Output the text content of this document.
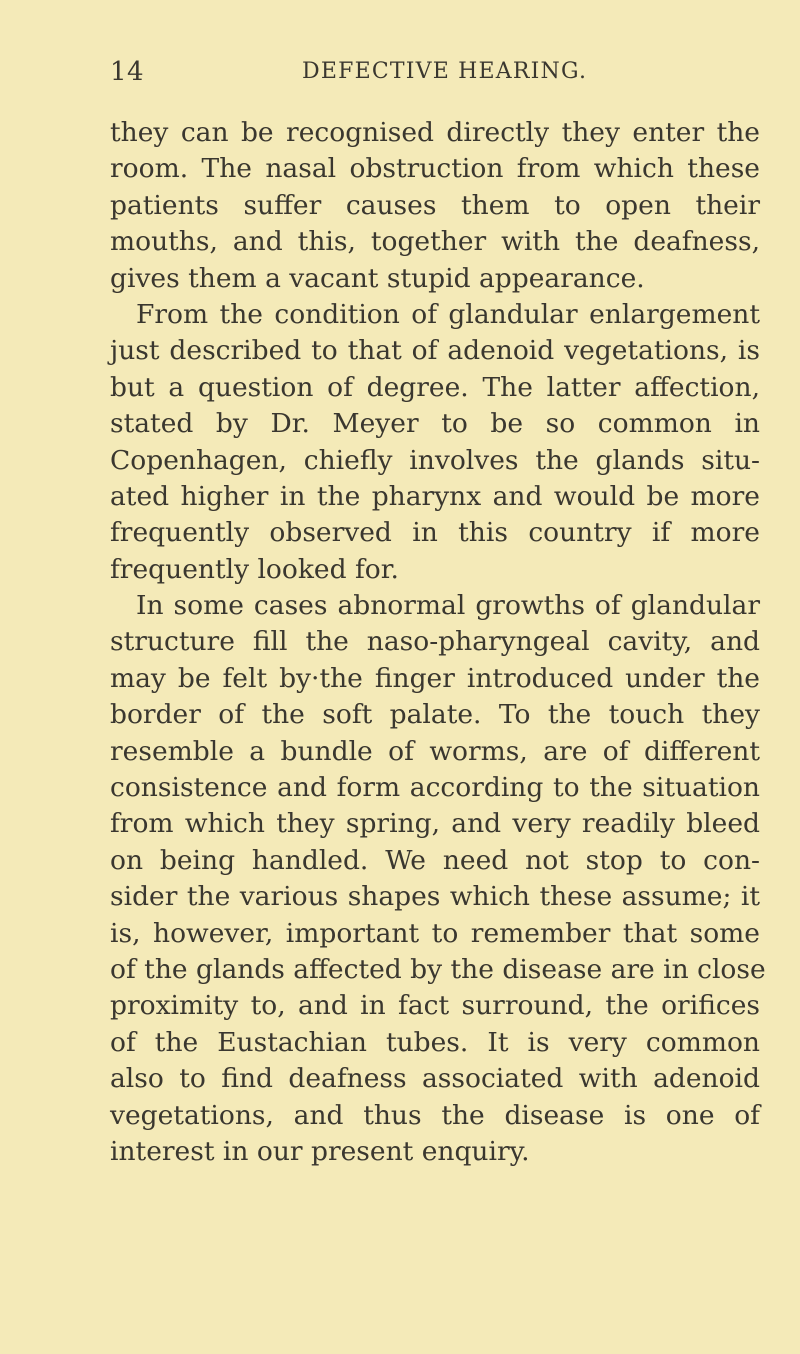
14	DEFECTIVE HEARING.
they can be recognised directly they enter the
room. The nasal obstruction from which these
patients suffer causes them to open their
mouths, and this, together with the deafness,
gives them a vacant stupid appearance.
From the condition of glandular enlargement
just described to that of adenoid vegetations, is
but a question of degree. The latter affection,
stated by Dr. Meyer to be so common in
Copenhagen, chiefly involves the glands situ-
ated higher in the pharynx and would be more
frequently observed in this country if more
frequently looked for.
In some cases abnormal growths of glandular
structure fill the naso-pharyngeal cavity, and
may be felt by·the finger introduced under the
border of the soft palate. To the touch they
resemble a bundle of worms, are of different
consistence and form according to the situation
from which they spring, and very readily bleed
on being handled. We need not stop to con-
sider the various shapes which these assume; it
is, however, important to remember that some
of the glands affected by the disease are in close
proximity to, and in fact surround, the orifices
of the Eustachian tubes. It is very common
also to find deafness associated with adenoid
vegetations, and thus the disease is one of
interest in our present enquiry.
